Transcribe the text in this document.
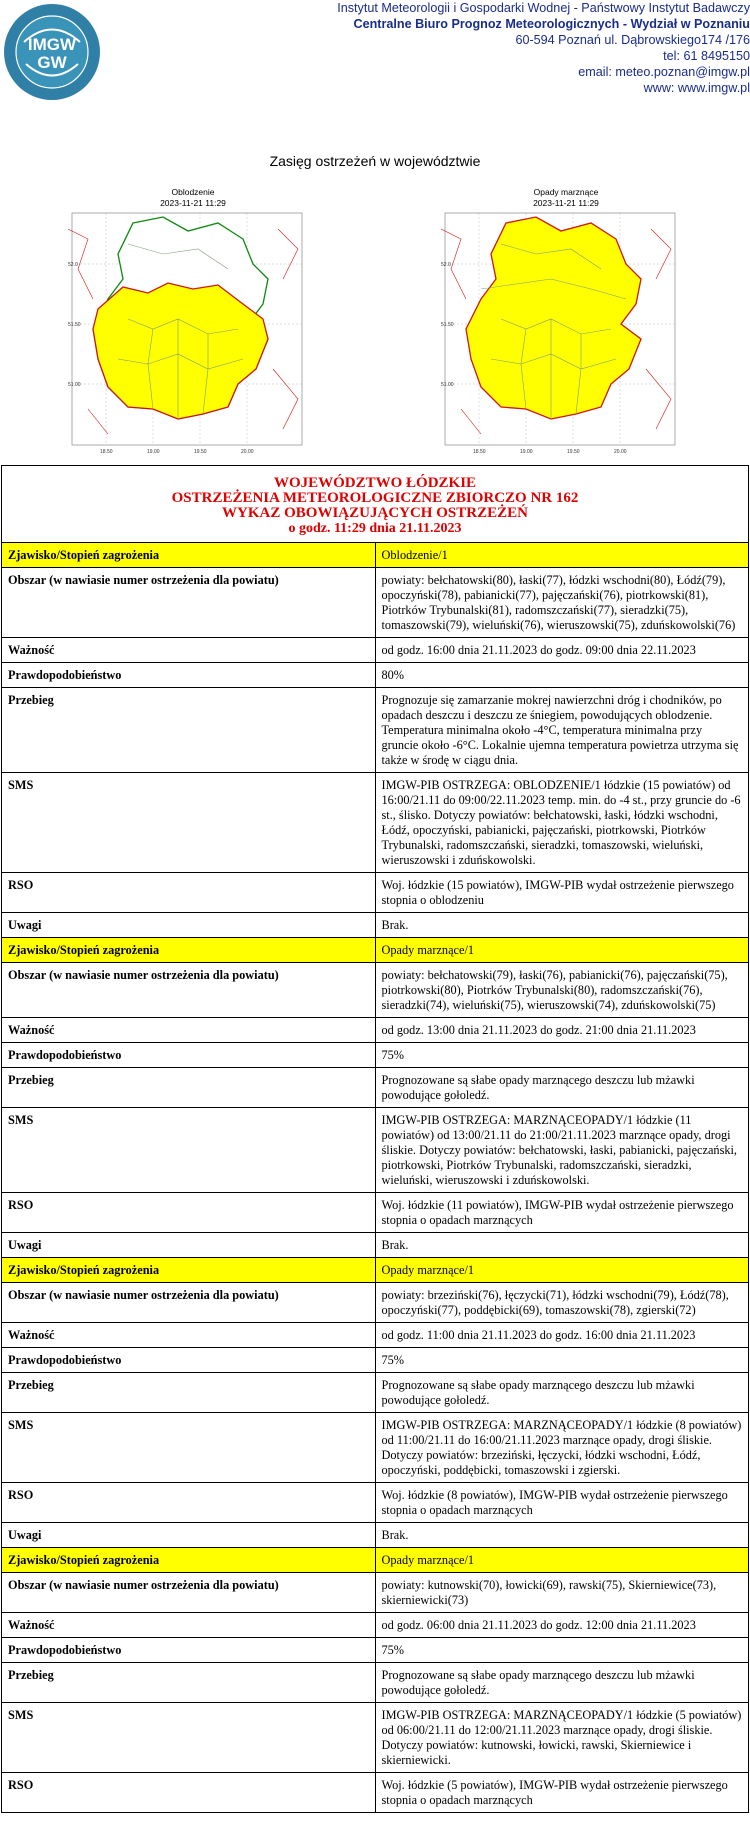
IMGW
GW
Instytut Meteorologii i Gospodarki Wodnej - Państwowy Instytut Badawczy
Centralne Biuro Prognoz Meteorologicznych - Wydział w Poznaniu
60-594 Poznań ul. Dąbrowskiego174 /176
tel: 61 8495150
email: meteo.poznan@imgw.pl
www: www.imgw.pl
Zasięg ostrzeżeń w województwie
Oblodzenie
2023-11-21 11:29
52.0
51.50
51.00
18.50	19.00	19.50	20.00
Opady marznące
2023-11-21 11:29
52.0
51.50
51.00
18.50	19.00	19.50	20.00
WOJEWÓDZTWO ŁÓDZKIE
OSTRZEŻENIA METEOROLOGICZNE ZBIORCZO NR 162
WYKAZ OBOWIĄZUJĄCYCH OSTRZEŻEŃ
o godz. 11:29 dnia 21.11.2023	

Zjawisko/Stopień zagrożenia	Oblodzenie/1
Obszar (w nawiasie numer ostrzeżenia dla powiatu)	powiaty: bełchatowski(80), łaski(77), łódzki wschodni(80), Łódź(79), opoczyński(78), pabianicki(77), pajęczański(76), piotrkowski(81), Piotrków Trybunalski(81), radomszczański(77), sieradzki(75), tomaszowski(79), wieluński(76), wieruszowski(75), zduńskowolski(76)
Ważność	od godz. 16:00 dnia 21.11.2023 do godz. 09:00 dnia 22.11.2023
Prawdopodobieństwo	80%
Przebieg	Prognozuje się zamarzanie mokrej nawierzchni dróg i chodników, po opadach deszczu i deszczu ze śniegiem, powodujących oblodzenie. Temperatura minimalna około -4°C, temperatura minimalna przy gruncie około -6°C. Lokalnie ujemna temperatura powietrza utrzyma się także w środę w ciągu dnia.
SMS	IMGW-PIB OSTRZEGA: OBLODZENIE/1 łódzkie (15 powiatów) od 16:00/21.11 do 09:00/22.11.2023 temp. min. do -4 st., przy gruncie do -6 st., ślisko. Dotyczy powiatów: bełchatowski, łaski, łódzki wschodni, Łódź, opoczyński, pabianicki, pajęczański, piotrkowski, Piotrków Trybunalski, radomszczański, sieradzki, tomaszowski, wieluński, wieruszowski i zduńskowolski.
RSO	Woj. łódzkie (15 powiatów), IMGW-PIB wydał ostrzeżenie pierwszego stopnia o oblodzeniu
Uwagi	Brak.
Zjawisko/Stopień zagrożenia	Opady marznące/1
Obszar (w nawiasie numer ostrzeżenia dla powiatu)	powiaty: bełchatowski(79), łaski(76), pabianicki(76), pajęczański(75), piotrkowski(80), Piotrków Trybunalski(80), radomszczański(76), sieradzki(74), wieluński(75), wieruszowski(74), zduńskowolski(75)
Ważność	od godz. 13:00 dnia 21.11.2023 do godz. 21:00 dnia 21.11.2023
Prawdopodobieństwo	75%
Przebieg	Prognozowane są słabe opady marznącego deszczu lub mżawki powodujące gołoledź.
SMS	IMGW-PIB OSTRZEGA: MARZNĄCEOPADY/1 łódzkie (11 powiatów) od 13:00/21.11 do 21:00/21.11.2023 marznące opady, drogi śliskie. Dotyczy powiatów: bełchatowski, łaski, pabianicki, pajęczański, piotrkowski, Piotrków Trybunalski, radomszczański, sieradzki, wieluński, wieruszowski i zduńskowolski.
RSO	Woj. łódzkie (11 powiatów), IMGW-PIB wydał ostrzeżenie pierwszego stopnia o opadach marznących
Uwagi	Brak.
Zjawisko/Stopień zagrożenia	Opady marznące/1
Obszar (w nawiasie numer ostrzeżenia dla powiatu)	powiaty: brzeziński(76), łęczycki(71), łódzki wschodni(79), Łódź(78), opoczyński(77), poddębicki(69), tomaszowski(78), zgierski(72)
Ważność	od godz. 11:00 dnia 21.11.2023 do godz. 16:00 dnia 21.11.2023
Prawdopodobieństwo	75%
Przebieg	Prognozowane są słabe opady marznącego deszczu lub mżawki powodujące gołoledź.
SMS	IMGW-PIB OSTRZEGA: MARZNĄCEOPADY/1 łódzkie (8 powiatów) od 11:00/21.11 do 16:00/21.11.2023 marznące opady, drogi śliskie. Dotyczy powiatów: brzeziński, łęczycki, łódzki wschodni, Łódź, opoczyński, poddębicki, tomaszowski i zgierski.
RSO	Woj. łódzkie (8 powiatów), IMGW-PIB wydał ostrzeżenie pierwszego stopnia o opadach marznących
Uwagi	Brak.
Zjawisko/Stopień zagrożenia	Opady marznące/1
Obszar (w nawiasie numer ostrzeżenia dla powiatu)	powiaty: kutnowski(70), łowicki(69), rawski(75), Skierniewice(73), skierniewicki(73)
Ważność	od godz. 06:00 dnia 21.11.2023 do godz. 12:00 dnia 21.11.2023
Prawdopodobieństwo	75%
Przebieg	Prognozowane są słabe opady marznącego deszczu lub mżawki powodujące gołoledź.
SMS	IMGW-PIB OSTRZEGA: MARZNĄCEOPADY/1 łódzkie (5 powiatów) od 06:00/21.11 do 12:00/21.11.2023 marznące opady, drogi śliskie. Dotyczy powiatów: kutnowski, łowicki, rawski, Skierniewice i skierniewicki.
RSO	Woj. łódzkie (5 powiatów), IMGW-PIB wydał ostrzeżenie pierwszego stopnia o opadach marznących
